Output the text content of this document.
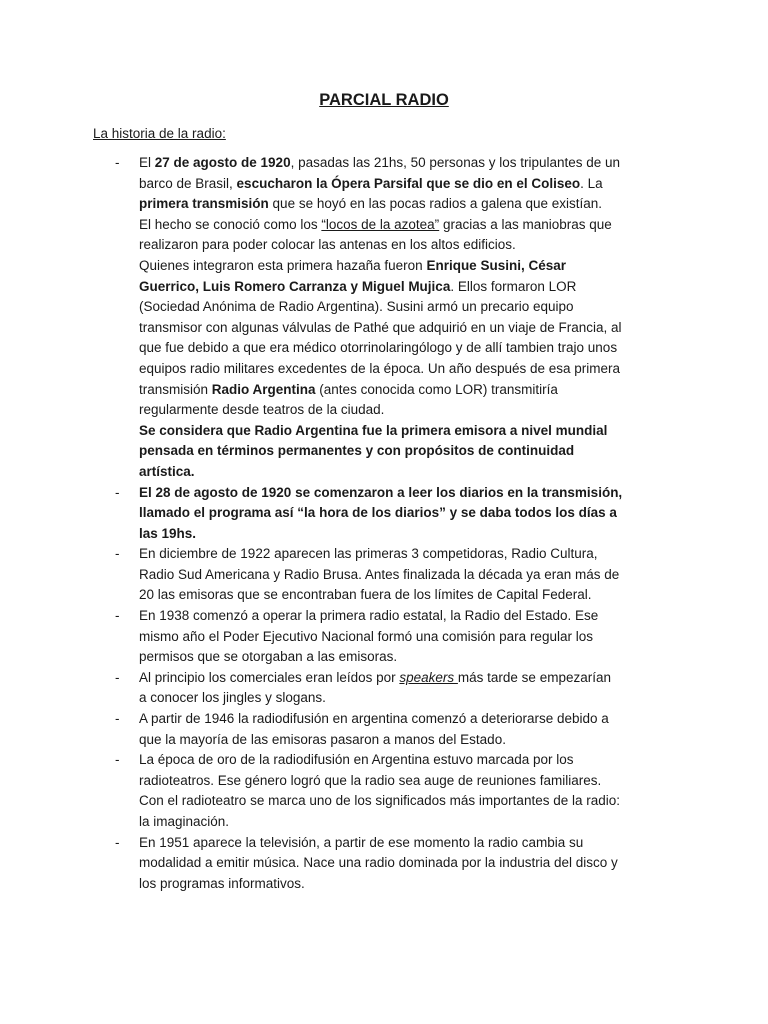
PARCIAL RADIO
La historia de la radio:
- El 27 de agosto de 1920, pasadas las 21hs, 50 personas y los tripulantes de un
barco de Brasil, escucharon la Ópera Parsifal que se dio en el Coliseo. La
primera transmisión que se hoyó en las pocas radios a galena que existían.
El hecho se conoció como los “locos de la azotea” gracias a las maniobras que
realizaron para poder colocar las antenas en los altos edificios.
Quienes integraron esta primera hazaña fueron Enrique Susini, César
Guerrico, Luis Romero Carranza y Miguel Mujica. Ellos formaron LOR
(Sociedad Anónima de Radio Argentina). Susini armó un precario equipo
transmisor con algunas válvulas de Pathé que adquirió en un viaje de Francia, al
que fue debido a que era médico otorrinolaringólogo y de allí tambien trajo unos
equipos radio militares excedentes de la época. Un año después de esa primera
transmisión Radio Argentina (antes conocida como LOR) transmitiría
regularmente desde teatros de la ciudad.
Se considera que Radio Argentina fue la primera emisora a nivel mundial
pensada en términos permanentes y con propósitos de continuidad
artística.
- El 28 de agosto de 1920 se comenzaron a leer los diarios en la transmisión,
llamado el programa así “la hora de los diarios” y se daba todos los días a
las 19hs.
- En diciembre de 1922 aparecen las primeras 3 competidoras, Radio Cultura,
Radio Sud Americana y Radio Brusa. Antes finalizada la década ya eran más de
20 las emisoras que se encontraban fuera de los límites de Capital Federal.
- En 1938 comenzó a operar la primera radio estatal, la Radio del Estado. Ese
mismo año el Poder Ejecutivo Nacional formó una comisión para regular los
permisos que se otorgaban a las emisoras.
- Al principio los comerciales eran leídos por speakers más tarde se empezarían
a conocer los jingles y slogans.
- A partir de 1946 la radiodifusión en argentina comenzó a deteriorarse debido a
que la mayoría de las emisoras pasaron a manos del Estado.
- La época de oro de la radiodifusión en Argentina estuvo marcada por los
radioteatros. Ese género logró que la radio sea auge de reuniones familiares.
Con el radioteatro se marca uno de los significados más importantes de la radio:
la imaginación.
- En 1951 aparece la televisión, a partir de ese momento la radio cambia su
modalidad a emitir música. Nace una radio dominada por la industria del disco y
los programas informativos.
